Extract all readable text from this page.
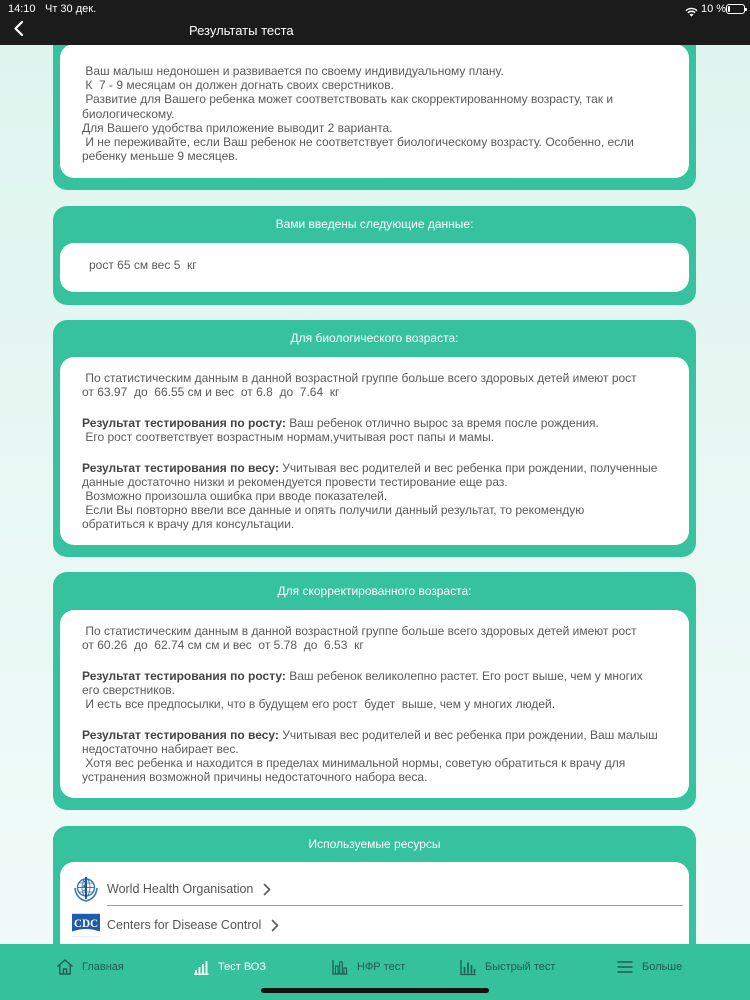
14:10 Чт 30 дек.	10 %
Результаты теста
Ваш малыш недоношен и развивается по своему индивидуальному плану.
К  7 - 9 месяцам он должен догнать своих сверстников.
Развитие для Вашего ребенка может соответствовать как скорректированному возрасту, так и
биологическому.
Для Вашего удобства приложение выводит 2 варианта.
И не переживайте, если Ваш ребенок не соответствует биологическому возрасту. Особенно, если
ребенку меньше 9 месяцев.
Вами введены следующие данные:
рост 65 см вес 5  кг
Для биологического возраста:
По статистическим данным в данной возрастной группе больше всего здоровых детей имеют рост
от 63.97  до  66.55 см и вес  от 6.8  до  7.64  кг
Результат тестирования по росту: Ваш ребенок отлично вырос за время после рождения.
Его рост соответствует возрастным нормам,учитывая рост папы и мамы.
Результат тестирования по весу: Учитывая вес родителей и вес ребенка при рождении, полученные
данные достаточно низки и рекомендуется провести тестирование еще раз.
Возможно произошла ошибка при вводе показателей.
Если Вы повторно ввели все данные и опять получили данный результат, то рекомендую
обратиться к врачу для консультации.
Для скорректированного возраста:
По статистическим данным в данной возрастной группе больше всего здоровых детей имеют рост
от 60.26  до  62.74 см см и вес  от 5.78  до  6.53  кг
Результат тестирования по росту: Ваш ребенок великолепно растет. Его рост выше, чем у многих
его сверстников.
И есть все предпосылки, что в будущем его рост  будет  выше, чем у многих людей.
Результат тестирования по весу: Учитывая вес родителей и вес ребенка при рождении, Ваш малыш
недостаточно набирает вес.
Хотя вес ребенка и находится в пределах минимальной нормы, советую обратиться к врачу для
устранения возможной причины недостаточного набора веса.
Используемые ресурсы
World Health Organisation
CDC Centers for Disease Control
Главная	Тест ВОЗ	НФР тест	Быстрый тест	Больше
